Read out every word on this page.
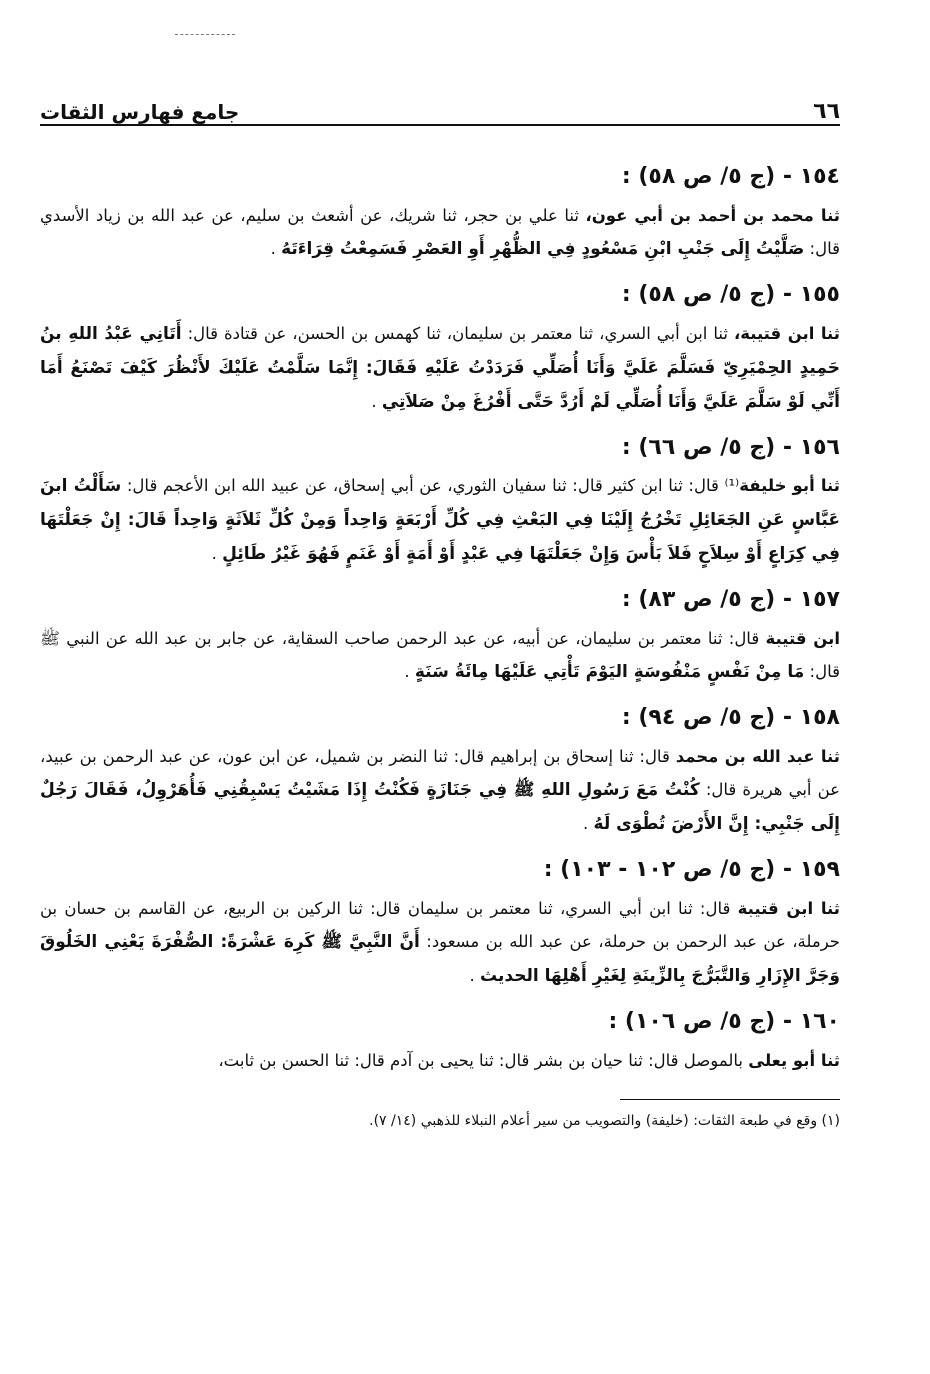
٦٦
جامع فهارس الثقات
١٥٤ - (ج ٥/ ص ٥٨) :

ثنا محمد بن أحمد بن أبي عون، ثنا علي بن حجر، ثنا شريك، عن أشعث بن سليم، عن عبد الله بن زياد الأسدي قال: صَلَّيْتُ إِلَى جَنْبِ ابْنِ مَسْعُودٍ فِي الظُّهْرِ أَوِ العَصْرِ فَسَمِعْتُ قِرَاءَتَهُ .

١٥٥ - (ج ٥/ ص ٥٨) :

ثنا ابن قتيبة، ثنا ابن أبي السري، ثنا معتمر بن سليمان، ثنا كهمس بن الحسن، عن قتادة قال: أَتَانِي عَبْدُ اللهِ بنُ حَمِيدٍ الحِمْيَرِيّ فَسَلَّمَ عَلَيَّ وَأَنَا أُصَلِّي فَرَدَدْتُ عَلَيْهِ فَقَالَ: إِنَّمَا سَلَّمْتُ عَلَيْكَ لأَنْظُرَ كَيْفَ تَصْنَعُ أَمَا أَنِّي لَوْ سَلَّمَ عَلَيَّ وَأَنَا أُصَلِّي لَمْ أَرُدَّ حَتَّى أَفْرُغَ مِنْ صَلاَتِي .

١٥٦ - (ج ٥/ ص ٦٦) :

ثنا أبو خليفة⁽¹⁾ قال: ثنا ابن كثير قال: ثنا سفيان الثوري، عن أبي إسحاق، عن عبيد الله ابن الأعجم قال: سَأَلْتُ ابنَ عَبَّاسٍ عَنِ الجَعَائِلِ تَخْرُجُ إِلَيْنَا فِي البَعْثِ فِي كُلِّ أَرْبَعَةٍ وَاحِداً وَمِنْ كُلِّ ثَلاَثَةٍ وَاحِداً قَالَ: إِنْ جَعَلْتَهَا فِي كِرَاعٍ أَوْ سِلاَحٍ فَلاَ بَأْسَ وَإِنْ جَعَلْتَهَا فِي عَبْدٍ أَوْ أَمَةٍ أَوْ غَنَمٍ فَهُوَ غَيْرُ طَائِلٍ .

١٥٧ - (ج ٥/ ص ٨٣) :

ابن قتيبة قال: ثنا معتمر بن سليمان، عن أبيه، عن عبد الرحمن صاحب السقاية، عن جابر بن عبد الله عن النبي ﷺ قال: مَا مِنْ نَفْسٍ مَنْفُوسَةٍ اليَوْمَ تَأْتِي عَلَيْهَا مِائَةُ سَنَةٍ .

١٥٨ - (ج ٥/ ص ٩٤) :

ثنا عبد الله بن محمد قال: ثنا إسحاق بن إبراهيم قال: ثنا النضر بن شميل، عن ابن عون، عن عبد الرحمن بن عبيد، عن أبي هريرة قال: كُنْتُ مَعَ رَسُولِ اللهِ ﷺ فِي جَنَازَةٍ فَكُنْتُ إِذَا مَشَيْتُ يَسْبِقُنِي فَأُهَرْوِلُ، فَقَالَ رَجُلٌ إِلَى جَنْبِي: إِنَّ الأَرْضَ تُطْوَى لَهُ .

١٥٩ - (ج ٥/ ص ١٠٢ - ١٠٣) :

ثنا ابن قتيبة قال: ثنا ابن أبي السري، ثنا معتمر بن سليمان قال: ثنا الركين بن الربيع، عن القاسم بن حسان بن حرملة، عن عبد الرحمن بن حرملة، عن عبد الله بن مسعود: أَنَّ النَّبِيَّ ﷺ كَرِهَ عَشْرَةً: الصُّفْرَةَ يَعْنِي الخَلُوقَ وَجَرَّ الإِزَارِ وَالتَّبَرُّجَ بِالزِّينَةِ لِغَيْرِ أَهْلِهَا الحديث .

١٦٠ - (ج ٥/ ص ١٠٦) :

ثنا أبو يعلى بالموصل قال: ثنا حيان بن بشر قال: ثنا يحيى بن آدم قال: ثنا الحسن بن ثابت،

(١) وقع في طبعة الثقات: (خليفة) والتصويب من سير أعلام النبلاء للذهبي (١٤/ ٧).
